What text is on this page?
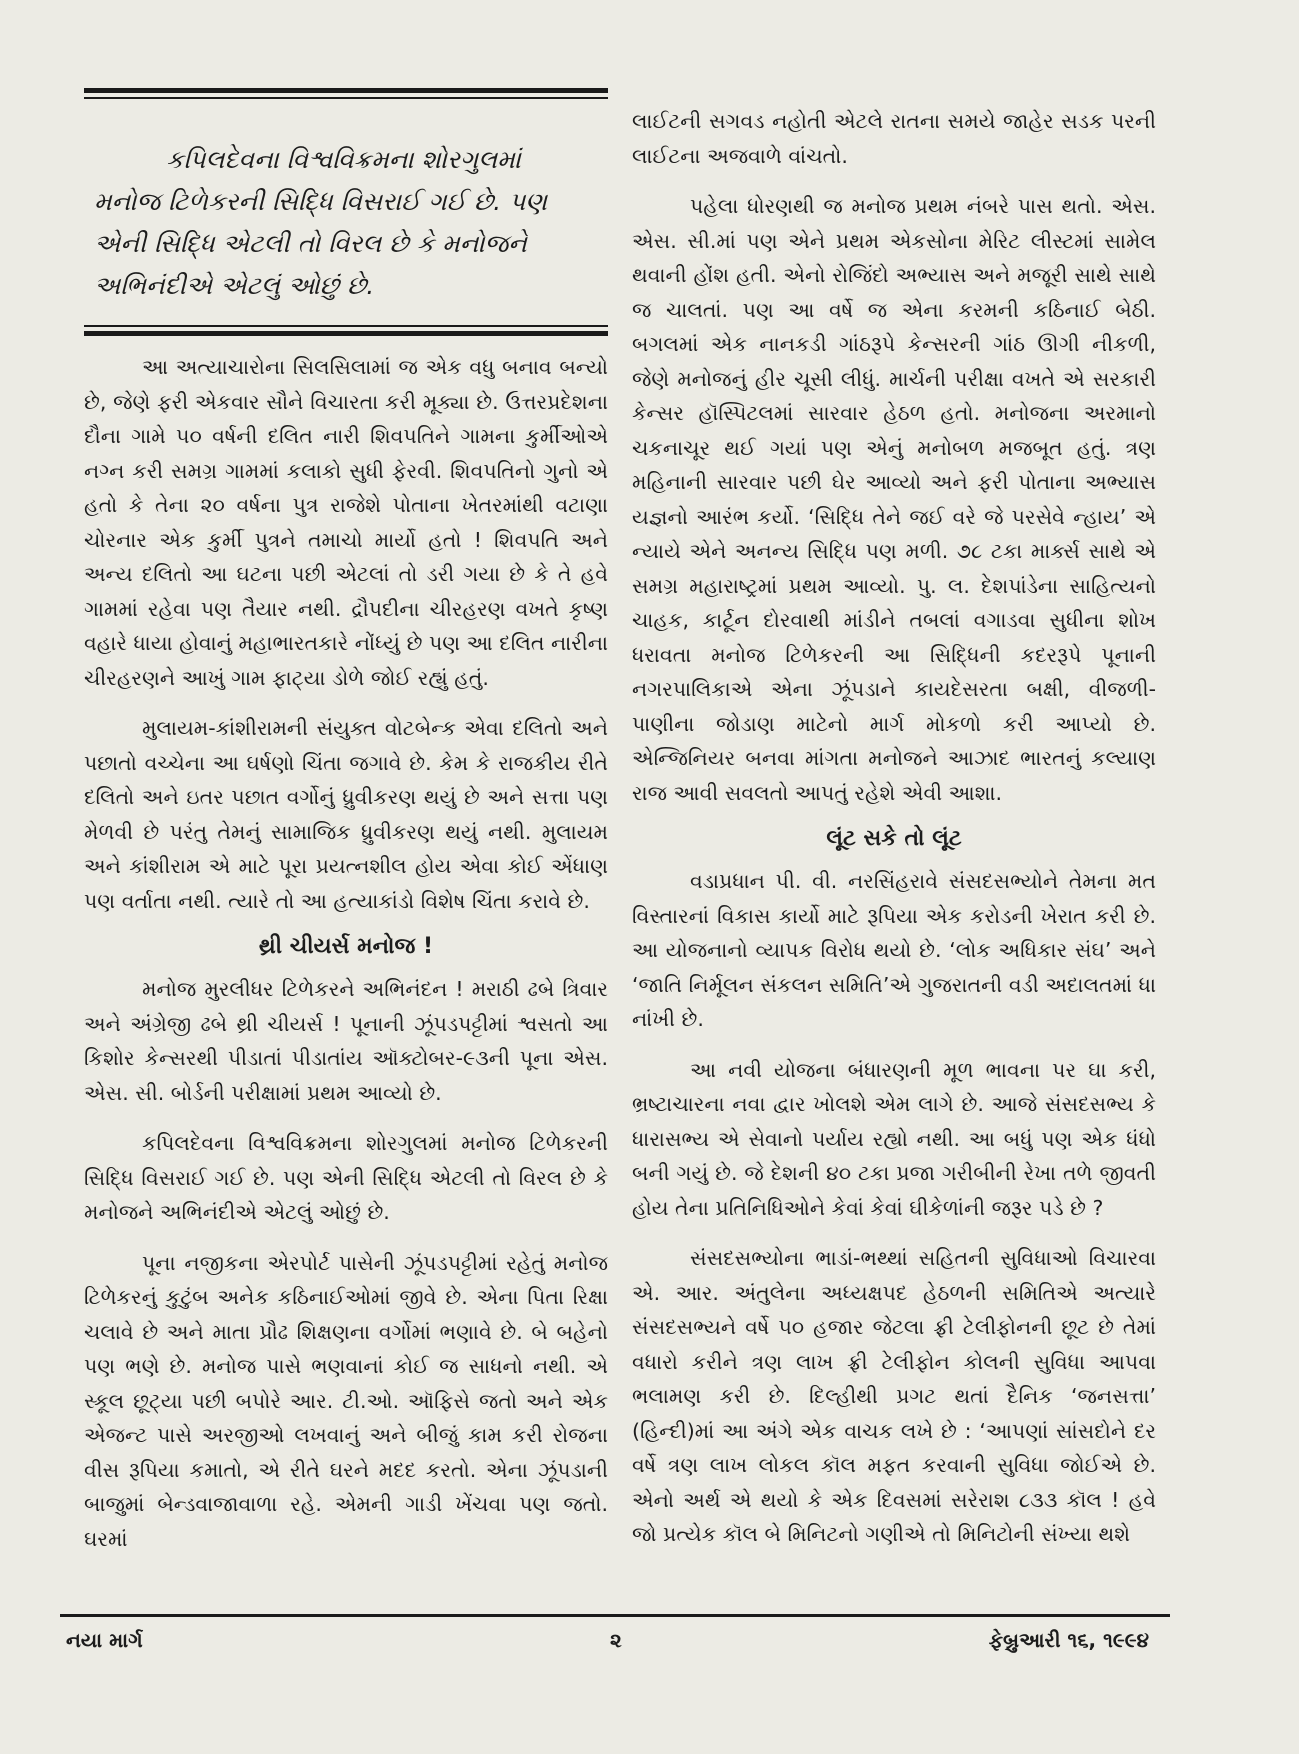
કપિલદેવના વિશ્વવિક્રમના શોરગુલમાં
મનોજ ટિળેકરની સિદ્ધિ વિસરાઈ ગઈ છે. પણ
એની સિદ્ધિ એટલી તો વિરલ છે કે મનોજને
અભિનંદીએ એટલું ઓછું છે.

આ અત્યાચારોના સિલસિલામાં જ એક વધુ બનાવ બન્યો છે, જેણે ફરી એકવાર સૌને વિચારતા કરી મૂક્યા છે. ઉત્તરપ્રદેશના દૌના ગામે ૫૦ વર્ષની દલિત નારી શિવપતિને ગામના કુર્મીઓએ નગ્ન કરી સમગ્ર ગામમાં કલાકો સુધી ફેરવી. શિવપતિનો ગુનો એ હતો કે તેના ૨૦ વર્ષના પુત્ર રાજેશે પોતાના ખેતરમાંથી વટાણા ચોરનાર એક કુર્મી પુત્રને તમાચો માર્યો હતો ! શિવપતિ અને અન્ય દલિતો આ ઘટના પછી એટલાં તો ડરી ગયા છે કે તે હવે ગામમાં રહેવા પણ તૈયાર નથી. દ્રૌપદીના ચીરહરણ વખતે કૃષ્ણ વહારે ધાયા હોવાનું મહાભારતકારે નોંધ્યું છે પણ આ દલિત નારીના ચીરહરણને આખું ગામ ફાટ્યા ડોળે જોઈ રહ્યું હતું.

મુલાયમ-કાંશીરામની સંયુક્ત વોટબેન્ક એવા દલિતો અને પછાતો વચ્ચેના આ ઘર્ષણો ચિંતા જગાવે છે. કેમ કે રાજકીય રીતે દલિતો અને ઇતર પછાત વર્ગોનું ધ્રુવીકરણ થયું છે અને સત્તા પણ મેળવી છે પરંતુ તેમનું સામાજિક ધ્રુવીકરણ થયું નથી. મુલાયમ અને કાંશીરામ એ માટે પૂરા પ્રયત્નશીલ હોય એવા કોઈ એંધાણ પણ વર્તાતા નથી. ત્યારે તો આ હત્યાકાંડો વિશેષ ચિંતા કરાવે છે.

થ્રી ચીયર્સ મનોજ !

મનોજ મુરલીધર ટિળેકરને અભિનંદન ! મરાઠી ઢબે ત્રિવાર અને અંગ્રેજી ઢબે થ્રી ચીયર્સ ! પૂનાની ઝૂંપડપટ્ટીમાં શ્વસતો આ કિશોર કેન્સરથી પીડાતાં પીડાતાંય ઑક્ટોબર-૯૩ની પૂના એસ. એસ. સી. બોર્ડની પરીક્ષામાં પ્રથમ આવ્યો છે.

કપિલદેવના વિશ્વવિક્રમના શોરગુલમાં મનોજ ટિળેકરની સિદ્ધિ વિસરાઈ ગઈ છે. પણ એની સિદ્ધિ એટલી તો વિરલ છે કે મનોજને અભિનંદીએ એટલું ઓછું છે.

પૂના નજીકના એરપોર્ટ પાસેની ઝૂંપડપટ્ટીમાં રહેતું મનોજ ટિળેકરનું કુટુંબ અનેક કઠિનાઈઓમાં જીવે છે. એના પિતા રિક્ષા ચલાવે છે અને માતા પ્રૌઢ શિક્ષણના વર્ગોમાં ભણાવે છે. બે બહેનો પણ ભણે છે. મનોજ પાસે ભણવાનાં કોઈ જ સાધનો નથી. એ સ્કૂલ છૂટ્યા પછી બપોરે આર. ટી.ઓ. ઑફિસે જતો અને એક એજન્ટ પાસે અરજીઓ લખવાનું અને બીજું કામ કરી રોજના વીસ રૂપિયા કમાતો, એ રીતે ઘરને મદદ કરતો. એના ઝૂંપડાની બાજુમાં બેન્ડવાજાવાળા રહે. એમની ગાડી ખેંચવા પણ જતો. ઘરમાં

લાઈટની સગવડ નહોતી એટલે રાતના સમયે જાહેર સડક પરની લાઈટના અજવાળે વાંચતો.

પહેલા ધોરણથી જ મનોજ પ્રથમ નંબરે પાસ થતો. એસ. એસ. સી.માં પણ એને પ્રથમ એકસોના મેરિટ લીસ્ટમાં સામેલ થવાની હોંશ હતી. એનો રોજિંદો અભ્યાસ અને મજૂરી સાથે સાથે જ ચાલતાં. પણ આ વર્ષે જ એના કરમની કઠિનાઈ બેઠી. બગલમાં એક નાનકડી ગાંઠરૂપે કેન્સરની ગાંઠ ઊગી નીકળી, જેણે મનોજનું હીર ચૂસી લીધું. માર્ચની પરીક્ષા વખતે એ સરકારી કેન્સર હૉસ્પિટલમાં સારવાર હેઠળ હતો. મનોજના અરમાનો ચકનાચૂર થઈ ગયાં પણ એનું મનોબળ મજબૂત હતું. ત્રણ મહિનાની સારવાર પછી ઘેર આવ્યો અને ફરી પોતાના અભ્યાસ યજ્ઞનો આરંભ કર્યો. ‘સિદ્ધિ તેને જઈ વરે જે પરસેવે ન્હાય’ એ ન્યાયે એને અનન્ય સિદ્ધિ પણ મળી. ૭૮ ટકા માર્ક્સ સાથે એ સમગ્ર મહારાષ્ટ્રમાં પ્રથમ આવ્યો. પુ. લ. દેશપાંડેના સાહિત્યનો ચાહક, કાર્ટૂન દોરવાથી માંડીને તબલાં વગાડવા સુધીના શોખ ધરાવતા મનોજ ટિળેકરની આ સિદ્ધિની કદરરૂપે પૂનાની નગરપાલિકાએ એના ઝૂંપડાને કાયદેસરતા બક્ષી, વીજળી-પાણીના જોડાણ માટેનો માર્ગ મોકળો કરી આપ્યો છે. એન્જિનિયર બનવા માંગતા મનોજને આઝાદ ભારતનું કલ્યાણ રાજ આવી સવલતો આપતું રહેશે એવી આશા.

લૂંટ સકે તો લૂંટ

વડાપ્રધાન પી. વી. નરસિંહરાવે સંસદસભ્યોને તેમના મત વિસ્તારનાં વિકાસ કાર્યો માટે રૂપિયા એક કરોડની ખેરાત કરી છે. આ યોજનાનો વ્યાપક વિરોધ થયો છે. ‘લોક અધિકાર સંઘ’ અને ‘જાતિ નિર્મૂલન સંકલન સમિતિ’એ ગુજરાતની વડી અદાલતમાં ધા નાંખી છે.

આ નવી યોજના બંધારણની મૂળ ભાવના પર ઘા કરી, ભ્રષ્ટાચારના નવા દ્વાર ખોલશે એમ લાગે છે. આજે સંસદસભ્ય કે ધારાસભ્ય એ સેવાનો પર્યાય રહ્યો નથી. આ બધું પણ એક ધંધો બની ગયું છે. જે દેશની ૪૦ ટકા પ્રજા ગરીબીની રેખા તળે જીવતી હોય તેના પ્રતિનિધિઓને કેવાં કેવાં ઘીકેળાંની જરૂર પડે છે ?

સંસદસભ્યોના ભાડાં-ભથ્થાં સહિતની સુવિધાઓ વિચારવા એ. આર. અંતુલેના અધ્યક્ષપદ હેઠળની સમિતિએ અત્યારે સંસદસભ્યને વર્ષે ૫૦ હજાર જેટલા ફ્રી ટેલીફોનની છૂટ છે તેમાં વધારો કરીને ત્રણ લાખ ફ્રી ટેલીફોન કોલની સુવિધા આપવા ભલામણ કરી છે. દિલ્હીથી પ્રગટ થતાં દૈનિક ‘જનસત્તા’ (હિન્દી)માં આ અંગે એક વાચક લખે છે : ‘આપણાં સાંસદોને દર વર્ષે ત્રણ લાખ લોકલ કૉલ મફત કરવાની સુવિધા જોઈએ છે. એનો અર્થ એ થયો કે એક દિવસમાં સરેરાશ ૮૩૩ કૉલ ! હવે જો પ્રત્યેક કૉલ બે મિનિટનો ગણીએ તો મિનિટોની સંખ્યા થશે

નયા માર્ગ	૨	ફેબ્રુઆરી ૧૬, ૧૯૯૪
